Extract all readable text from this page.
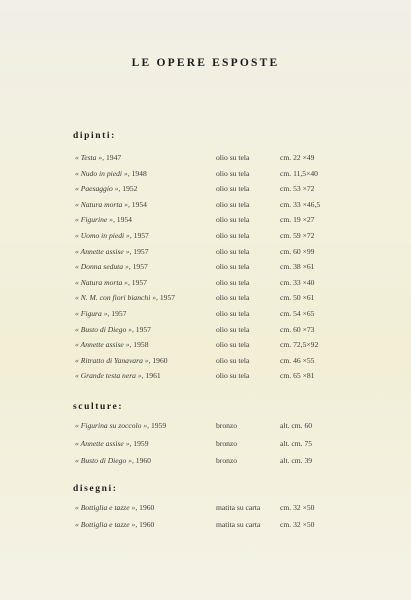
LE OPERE ESPOSTE
dipinti:
« Testa », 1947	olio su tela	cm. 22 ×49
« Nudo in piedi », 1948	olio su tela	cm. 11,5×40
« Paesaggio », 1952	olio su tela	cm. 53 ×72
« Natura morta », 1954	olio su tela	cm. 33 ×46,5
« Figurine », 1954	olio su tela	cm. 19 ×27
« Uomo in piedi », 1957	olio su tela	cm. 59 ×72
« Annette assise », 1957	olio su tela	cm. 60 ×99
« Donna seduta », 1957	olio su tela	cm. 38 ×61
« Natura morta », 1957	olio su tela	cm. 33 ×40
« N. M. con fiori bianchi », 1957	olio su tela	cm. 50 ×61
« Figura », 1957	olio su tela	cm. 54 ×65
« Busto di Diego », 1957	olio su tela	cm. 60 ×73
« Annette assise », 1958	olio su tela	cm. 72,5×92
« Ritratto di Yanavara », 1960	olio su tela	cm. 46 ×55
« Grande testa nera », 1961	olio su tela	cm. 65 ×81
sculture:
« Figurina su zoccolo », 1959	bronzo	alt. cm. 60
« Annette assise », 1959	bronzo	alt. cm. 75
« Busto di Diego », 1960	bronzo	alt. cm. 39
disegni:
« Bottiglia e tazze », 1960	matita su carta	cm. 32 ×50
« Bottiglia e tazze », 1960	matita su carta	cm. 32 ×50
